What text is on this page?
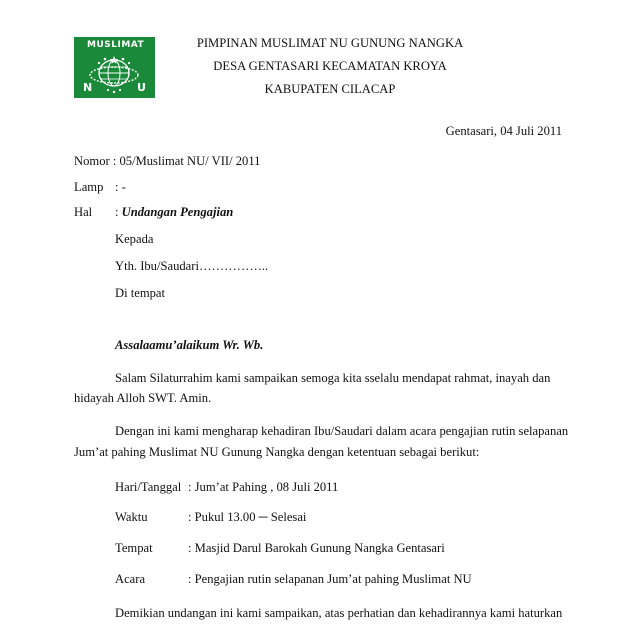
MUSLIMAT
N	U
PIMPINAN MUSLIMAT NU GUNUNG NANGKA
DESA GENTASARI KECAMATAN KROYA
KABUPATEN CILACAP
Gentasari, 04 Juli 2011
Nomor : 05/Muslimat NU/ VII/ 2011
Lamp : -
Hal : Undangan Pengajian
Kepada
Yth. Ibu/Saudari……………..
Di tempat
Assalaamu’alaikum Wr. Wb.
Salam Silaturrahim kami sampaikan semoga kita sselalu mendapat rahmat, inayah dan
hidayah Alloh SWT. Amin.
Dengan ini kami mengharap kehadiran Ibu/Saudari dalam acara pengajian rutin selapanan
Jum’at pahing Muslimat NU Gunung Nangka dengan ketentuan sebagai berikut:
Hari/Tanggal : Jum’at Pahing , 08 Juli 2011
Waktu	: Pukul 13.00 ─ Selesai
Tempat	: Masjid Darul Barokah Gunung Nangka Gentasari
Acara	: Pengajian rutin selapanan Jum’at pahing Muslimat NU
Demikian undangan ini kami sampaikan, atas perhatian dan kehadirannya kami haturkan
